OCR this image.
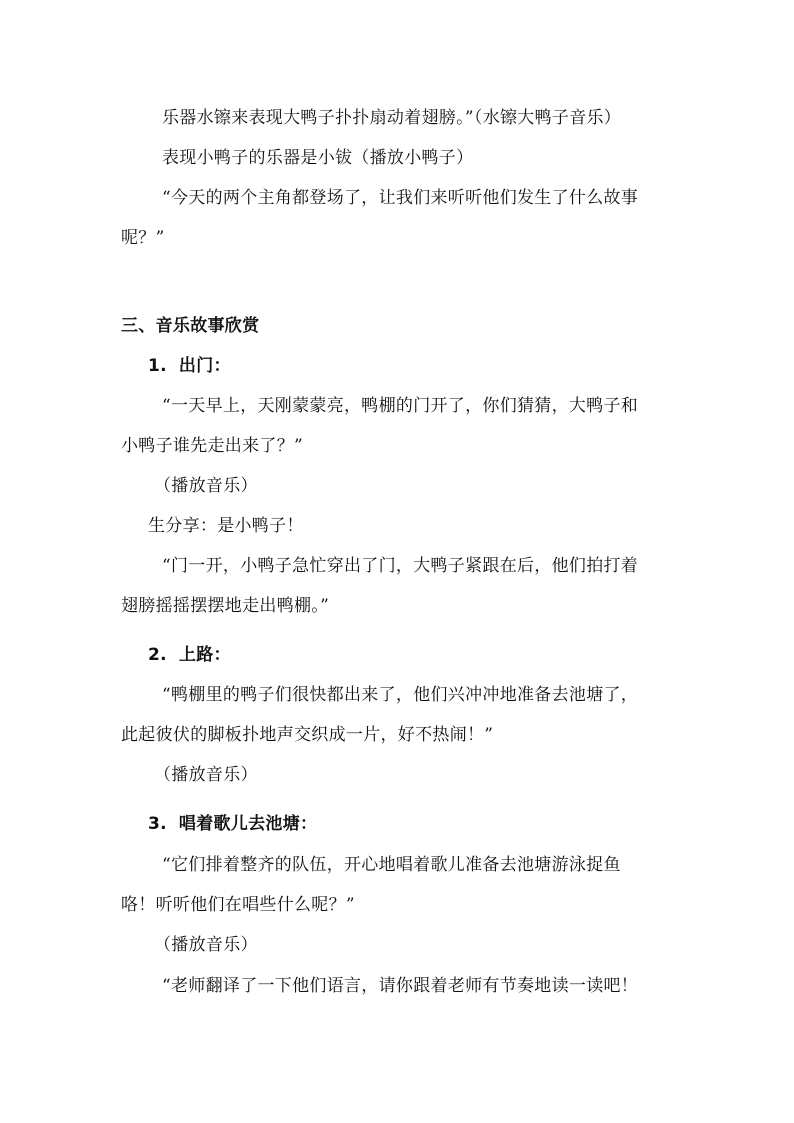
乐器水镲来表现大鸭子扑扑扇动着翅膀。”（水镲大鸭子音乐）
表现小鸭子的乐器是小钹（播放小鸭子）
“今天的两个主角都登场了，让我们来听听他们发生了什么故事
呢？”
三、音乐故事欣赏
1. 出门：
“一天早上，天刚蒙蒙亮，鸭棚的门开了，你们猜猜，大鸭子和
小鸭子谁先走出来了？”
（播放音乐）
生分享：是小鸭子！
“门一开，小鸭子急忙穿出了门，大鸭子紧跟在后，他们拍打着
翅膀摇摇摆摆地走出鸭棚。”
2. 上路：
“鸭棚里的鸭子们很快都出来了，他们兴冲冲地准备去池塘了，
此起彼伏的脚板扑地声交织成一片，好不热闹！”
（播放音乐）
3. 唱着歌儿去池塘：
“它们排着整齐的队伍，开心地唱着歌儿准备去池塘游泳捉鱼
咯！听听他们在唱些什么呢？”
（播放音乐）
“老师翻译了一下他们语言，请你跟着老师有节奏地读一读吧！
